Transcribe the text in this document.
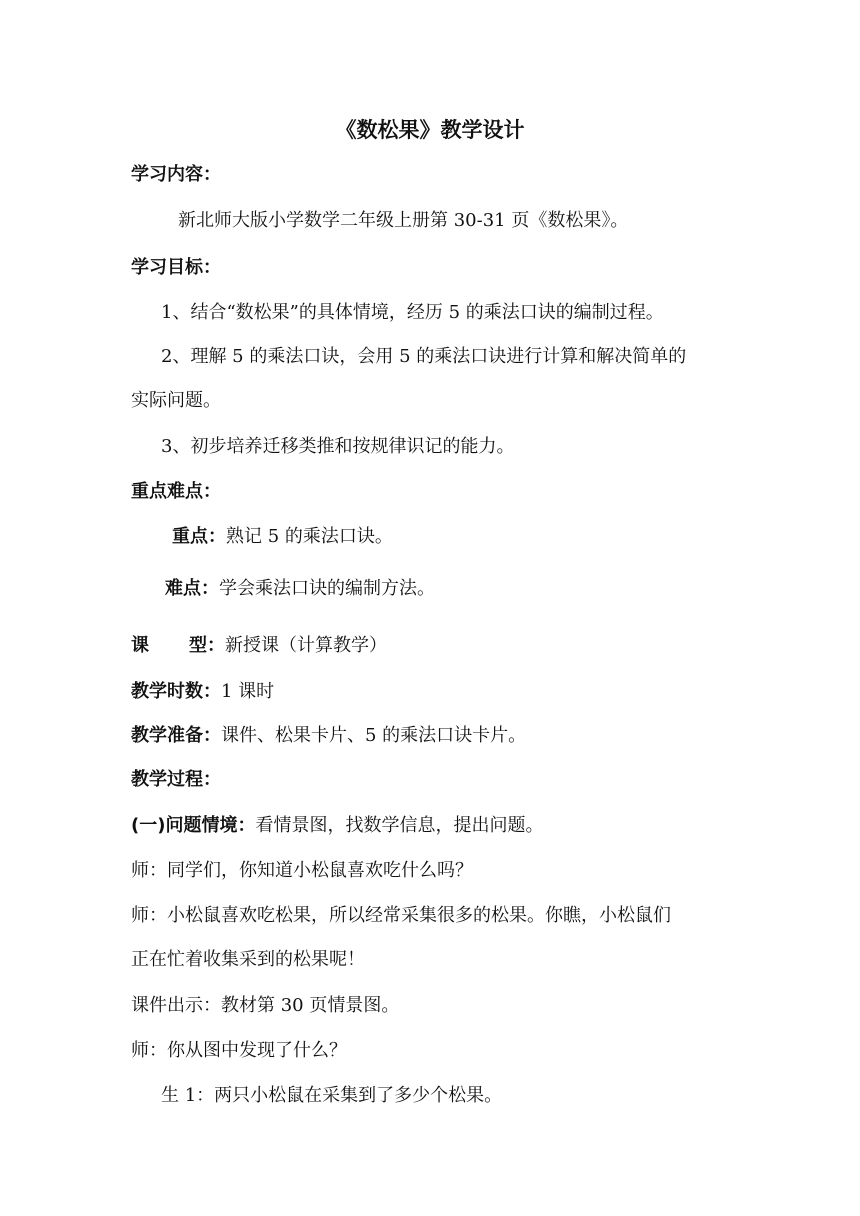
《数松果》教学设计
学习内容：
新北师大版小学数学二年级上册第 30-31 页《数松果》。
学习目标：
1、结合“数松果”的具体情境，经历 5 的乘法口诀的编制过程。
2、理解 5 的乘法口诀，会用 5 的乘法口诀进行计算和解决简单的
实际问题。
3、初步培养迁移类推和按规律识记的能力。
重点难点：
重点：熟记 5 的乘法口诀。
难点：学会乘法口诀的编制方法。
课 型：新授课（计算教学）
教学时数：1 课时
教学准备：课件、松果卡片、5 的乘法口诀卡片。
教学过程：
(一)问题情境：看情景图，找数学信息，提出问题。
师：同学们，你知道小松鼠喜欢吃什么吗？
师：小松鼠喜欢吃松果，所以经常采集很多的松果。你瞧，小松鼠们
正在忙着收集采到的松果呢！
课件出示：教材第 30 页情景图。
师：你从图中发现了什么？
生 1：两只小松鼠在采集到了多少个松果。
